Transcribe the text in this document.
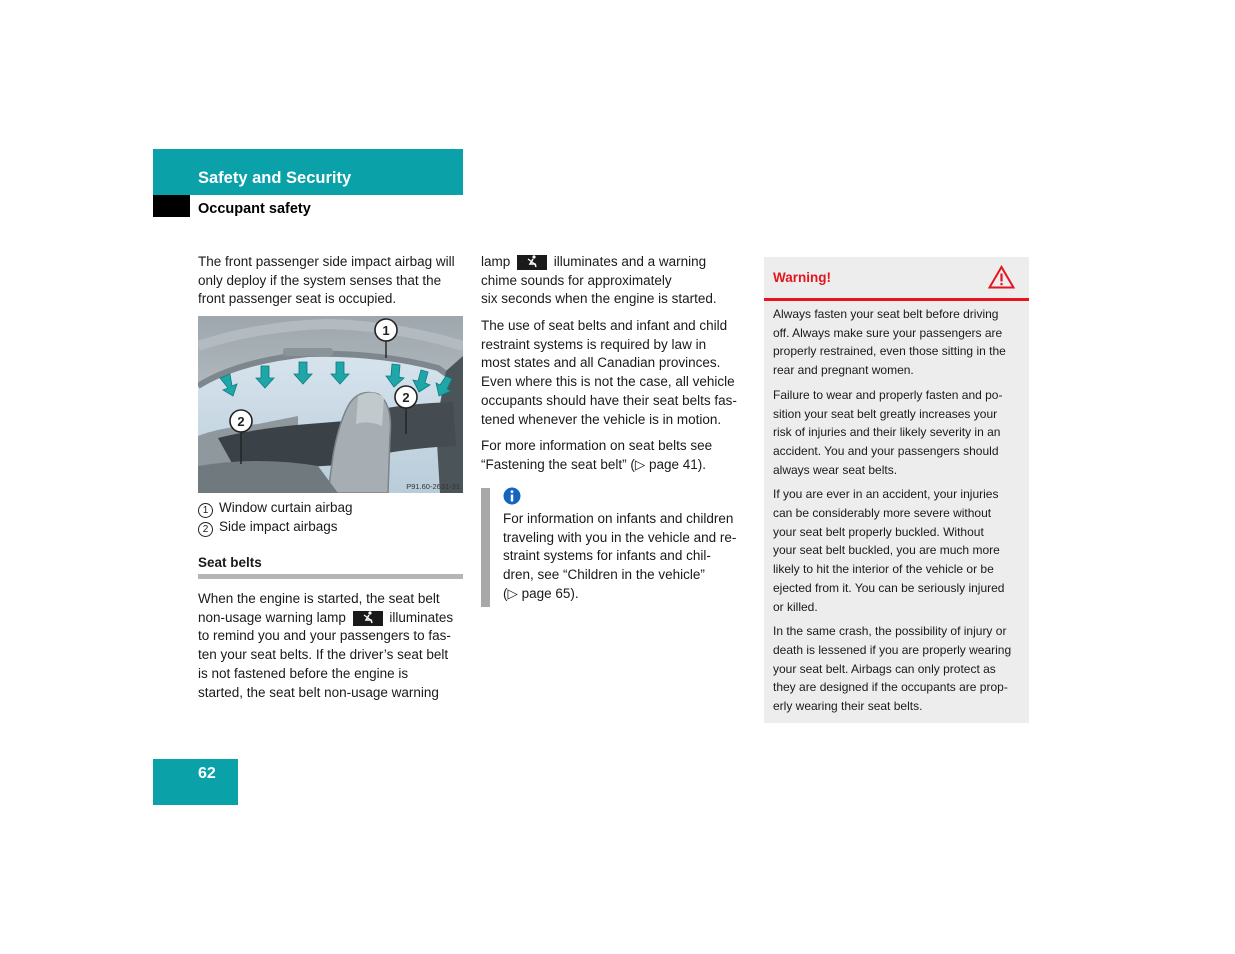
Safety and Security
Occupant safety

The front passenger side impact airbag will

only deploy if the system senses that the

front passenger seat is occupied.

1
2
2
P91.60-2631-31
1 Window curtain airbag
2 Side impact airbags
Seat belts

When the engine is started, the seat belt

non-usage warning lamp	illuminates

to remind you and your passengers to fas-

ten your seat belts. If the driver’s seat belt

is not fastened before the engine is

started, the seat belt non-usage warning

lamp	illuminates and a warning

chime sounds for approximately

six seconds when the engine is started.

The use of seat belts and infant and child

restraint systems is required by law in

most states and all Canadian provinces.

Even where this is not the case, all vehicle

occupants should have their seat belts fas-

tened whenever the vehicle is in motion.

For more information on seat belts see

“Fastening the seat belt” (▷ page 41).

For information on infants and children

traveling with you in the vehicle and re-

straint systems for infants and chil-

dren, see “Children in the vehicle”

(▷ page 65).

Warning!

Always fasten your seat belt before driving
off. Always make sure your passengers are
properly restrained, even those sitting in the
rear and pregnant women.

Failure to wear and properly fasten and po-
sition your seat belt greatly increases your
risk of injuries and their likely severity in an
accident. You and your passengers should
always wear seat belts.

If you are ever in an accident, your injuries
can be considerably more severe without
your seat belt properly buckled. Without
your seat belt buckled, you are much more
likely to hit the interior of the vehicle or be
ejected from it. You can be seriously injured
or killed.

In the same crash, the possibility of injury or
death is lessened if you are properly wearing
your seat belt. Airbags can only protect as
they are designed if the occupants are prop-
erly wearing their seat belts.

62
